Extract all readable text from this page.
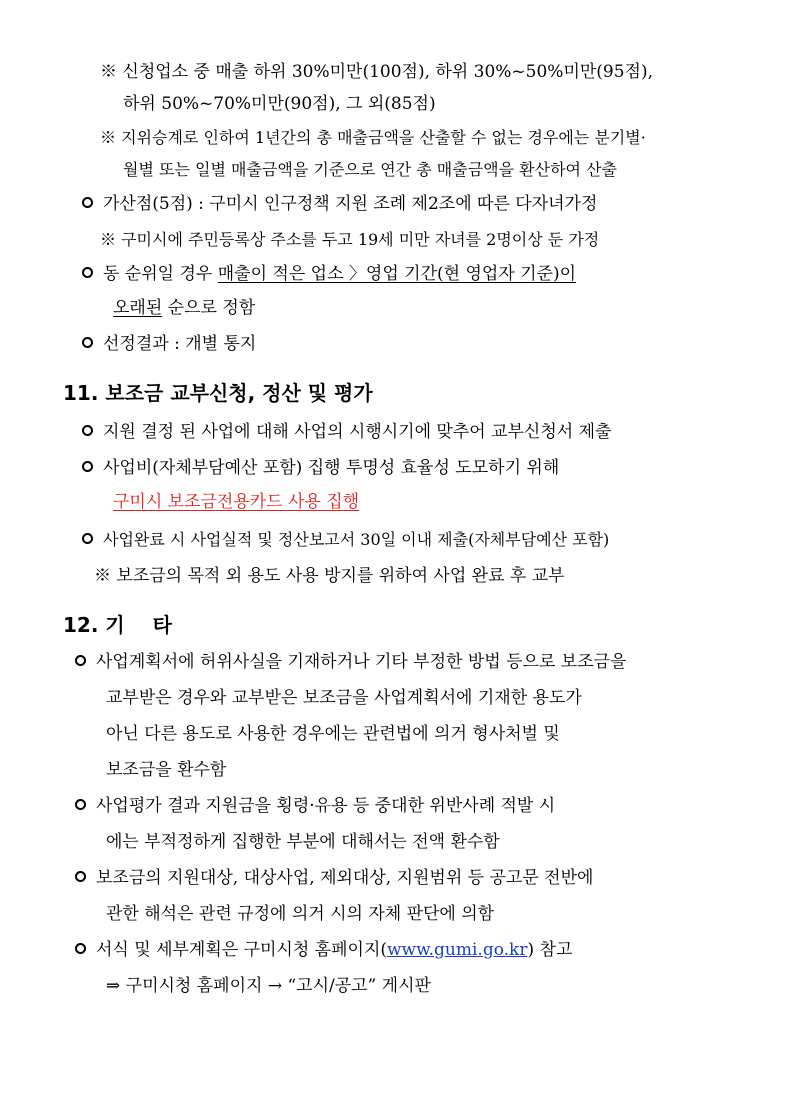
※ 신청업소 중 매출 하위 30%미만(100점), 하위 30%~50%미만(95점),
하위 50%~70%미만(90점), 그 외(85점)
※ 지위승계로 인하여 1년간의 총 매출금액을 산출할 수 없는 경우에는 분기별·
월별 또는 일별 매출금액을 기준으로 연간 총 매출금액을 환산하여 산출
가산점(5점) : 구미시 인구정책 지원 조례 제2조에 따른 다자녀가정
※ 구미시에 주민등록상 주소를 두고 19세 미만 자녀를 2명이상 둔 가정
동 순위일 경우 매출이 적은 업소 〉영업 기간(현 영업자 기준)이
오래된 순으로 정함
선정결과 : 개별 통지
11. 보조금 교부신청, 정산 및 평가
지원 결정 된 사업에 대해 사업의 시행시기에 맞추어 교부신청서 제출
사업비(자체부담예산 포함) 집행 투명성 효율성 도모하기 위해
구미시 보조금전용카드 사용 집행
사업완료 시 사업실적 및 정산보고서 30일 이내 제출(자체부담예산 포함)
※ 보조금의 목적 외 용도 사용 방지를 위하여 사업 완료 후 교부
12. 기    타
사업계획서에 허위사실을 기재하거나 기타 부정한 방법 등으로 보조금을
교부받은 경우와 교부받은 보조금을 사업계획서에 기재한 용도가
아닌 다른 용도로 사용한 경우에는 관련법에 의거 형사처벌 및
보조금을 환수함
사업평가 결과 지원금을 횡령·유용 등 중대한 위반사례 적발 시
에는 부적정하게 집행한 부분에 대해서는 전액 환수함
보조금의 지원대상, 대상사업, 제외대상, 지원범위 등 공고문 전반에
관한 해석은 관련 규정에 의거 시의 자체 판단에 의함
서식 및 세부계획은 구미시청 홈페이지(www.gumi.go.kr) 참고
⇒ 구미시청 홈페이지 → “고시/공고” 게시판
